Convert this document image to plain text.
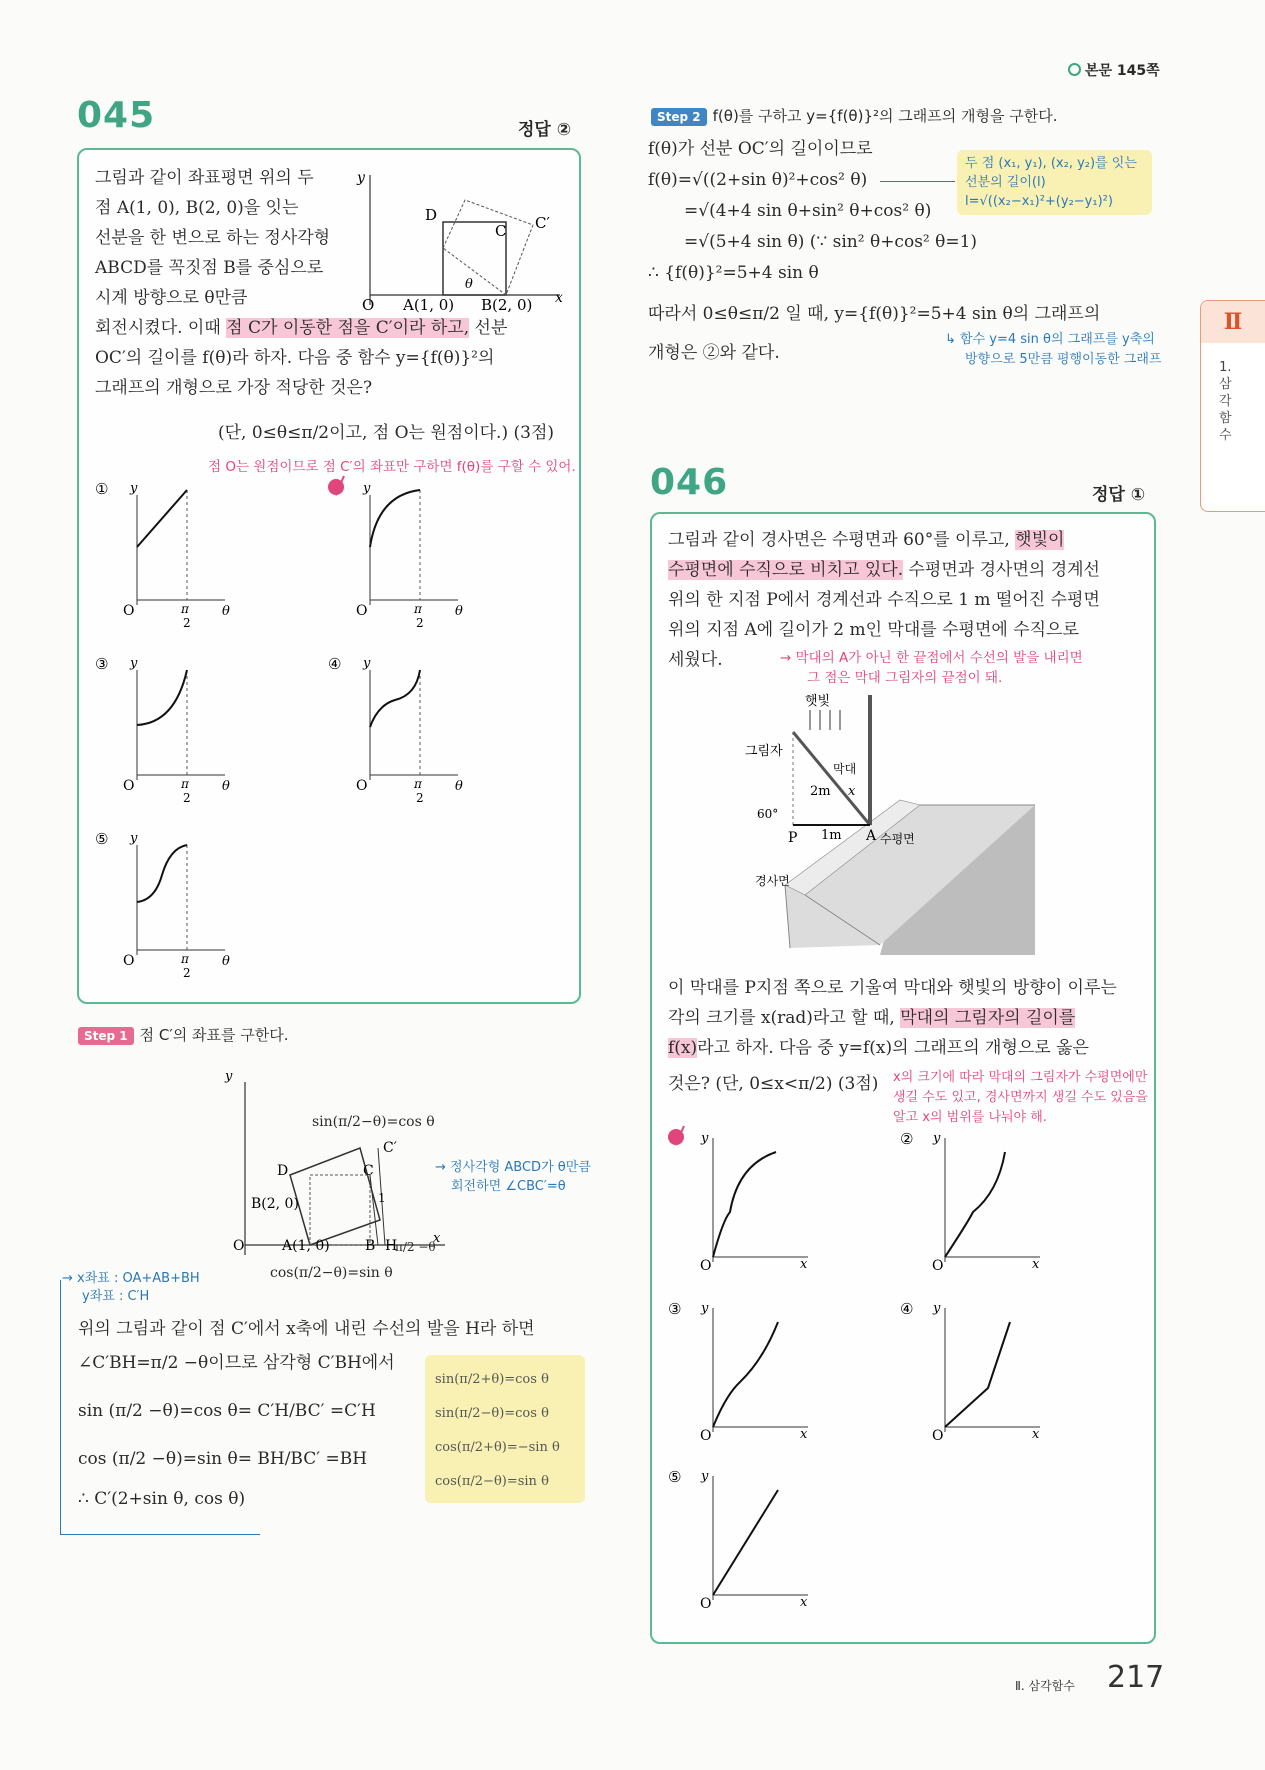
본문 145쪽
045	정답 ②
그림과 같이 좌표평면 위의 두
점 A(1, 0), B(2, 0)을 잇는
선분을 한 변으로 하는 정사각형
ABCD를 꼭짓점 B를 중심으로
시계 방향으로 θ만큼
회전시켰다. 이때 점 C가 이동한 점을 C′이라 하고, 선분
OC′의 길이를 f(θ)라 하자. 다음 중 함수 y={f(θ)}²의
그래프의 개형으로 가장 적당한 것은?
(단, 0≤θ≤π/2이고, 점 O는 원점이다.) (3점)
점 O는 원점이므로 점 C′의 좌표만 구하면 f(θ)를 구할 수 있어.
D
C C′
A(1, 0) B(2, 0)
O	x
y
θ
① y
O	π
2
θ
y
O	π
2
θ
③ y
O	π
2
θ
④ y
O	π
2
θ
⑤ y
O	π
2
θ
Step 1 점 C′의 좌표를 구한다.
y
D	C
C′
B(2, 0)
A(1, 0)	B H
O
1
x
sin(π/2−θ)=cos θ
cos(π/2−θ)=sin θ
π/2 −θ
→ 정사각형 ABCD가 θ만큼
회전하면 ∠CBC′=θ
→ x좌표 : OA+AB+BH
y좌표 : C′H
위의 그림과 같이 점 C′에서 x축에 내린 수선의 발을 H라 하면
∠C′BH=π/2 −θ이므로 삼각형 C′BH에서
sin (π/2 −θ)=cos θ= C′H/BC′ =C′H
cos (π/2 −θ)=sin θ= BH/BC′ =BH
∴ C′(2+sin θ, cos θ)
sin(π/2+θ)=cos θ
sin(π/2−θ)=cos θ
cos(π/2+θ)=−sin θ
cos(π/2−θ)=sin θ
Step 2 f(θ)를 구하고 y={f(θ)}²의 그래프의 개형을 구한다.
f(θ)가 선분 OC′의 길이이므로
f(θ)=√((2+sin θ)²+cos² θ)
=√(4+4 sin θ+sin² θ+cos² θ)
=√(5+4 sin θ) (∵ sin² θ+cos² θ=1)
∴ {f(θ)}²=5+4 sin θ
따라서 0≤θ≤π/2 일 때, y={f(θ)}²=5+4 sin θ의 그래프의
개형은 ②와 같다.
두 점 (x₁, y₁), (x₂, y₂)를 잇는
선분의 길이(l)
l=√((x₂−x₁)²+(y₂−y₁)²)
↳ 함수 y=4 sin θ의 그래프를 y축의
방향으로 5만큼 평행이동한 그래프
046	정답 ①
그림과 같이 경사면은 수평면과 60°를 이루고, 햇빛이
수평면에 수직으로 비치고 있다. 수평면과 경사면의 경계선
위의 한 지점 P에서 경계선과 수직으로 1 m 떨어진 수평면
위의 지점 A에 길이가 2 m인 막대를 수평면에 수직으로
세웠다.	→ 막대의 A가 아닌 한 끝점에서 수선의 발을 내리면
그 점은 막대 그림자의 끝점이 돼.
햇빛
그림자
막대
2m x
60°
P 1m A 수평면
경사면
이 막대를 P지점 쪽으로 기울여 막대와 햇빛의 방향이 이루는
각의 크기를 x(rad)라고 할 때, 막대의 그림자의 길이를
f(x)라고 하자. 다음 중 y=f(x)의 그래프의 개형으로 옳은
것은? (단, 0≤x<π/2) (3점)	x의 크기에 따라 막대의 그림자가 수평면에만
생길 수도 있고, 경사면까지 생길 수도 있음을
알고 x의 범위를 나눠야 해.
y
O	x
② y
O	x
③ y
O	x
④ y
O	x
⑤ y
O	x
Ⅱ
1.
삼
각
함
수
Ⅱ. 삼각함수 217
